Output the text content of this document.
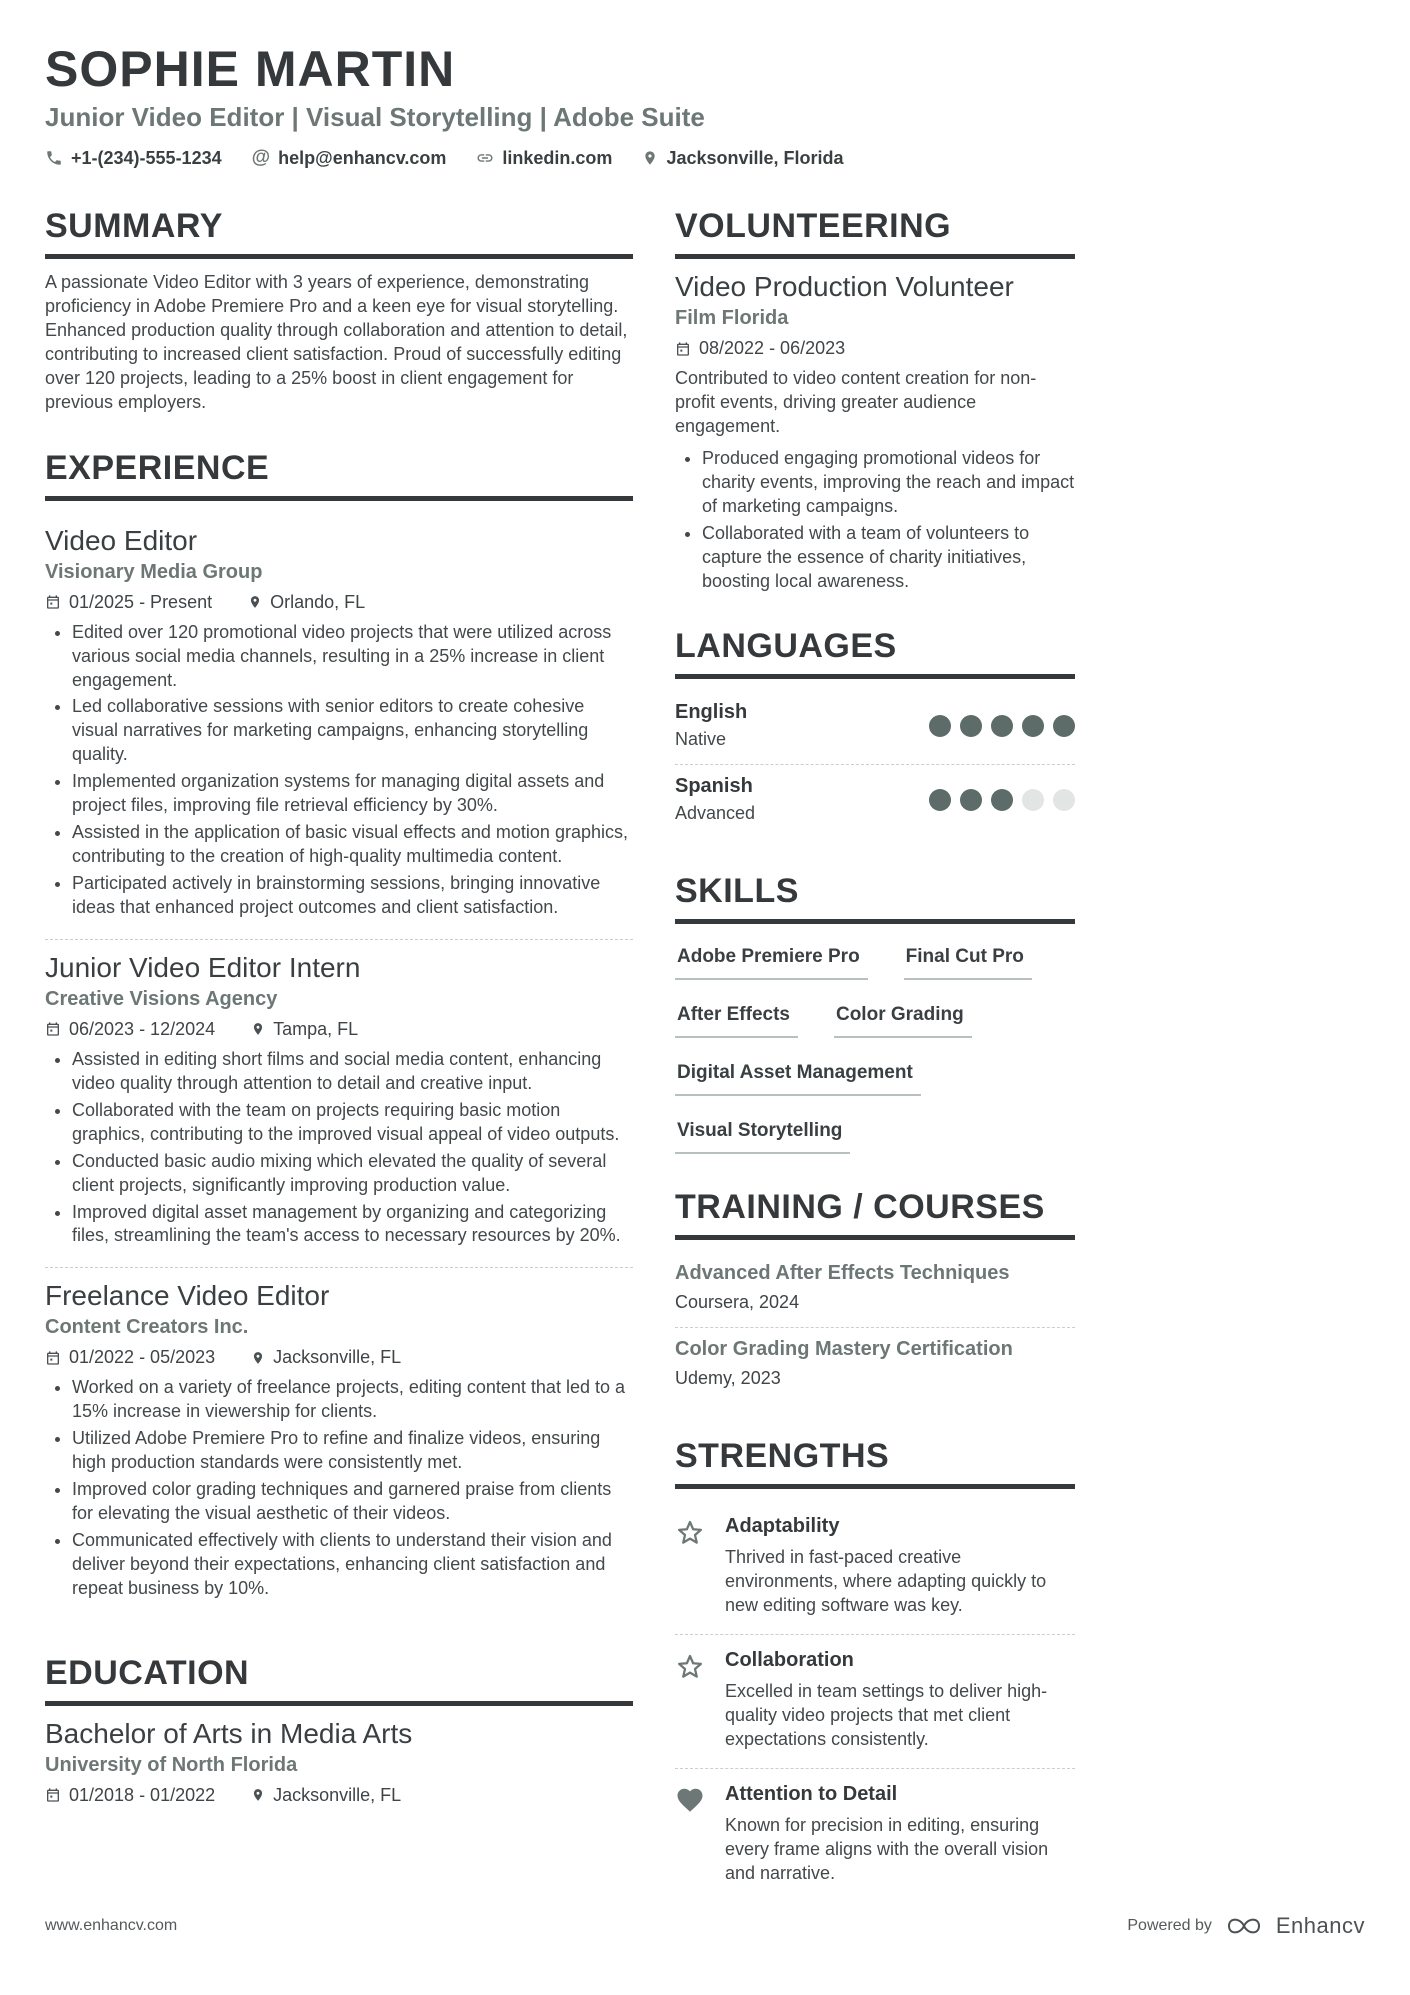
SOPHIE MARTIN
Junior Video Editor | Visual Storytelling | Adobe Suite
+1-(234)-555-1234 @ help@enhancv.com	linkedin.com	Jacksonville, Florida
SUMMARY

A passionate Video Editor with 3 years of experience, demonstrating proficiency in Adobe Premiere Pro and a keen eye for visual storytelling. Enhanced production quality through collaboration and attention to detail, contributing to increased client satisfaction. Proud of successfully editing over 120 projects, leading to a 25% boost in client engagement for previous employers.

EXPERIENCE
Video Editor
Visionary Media Group
01/2025 - Present	Orlando, FL
• Edited over 120 promotional video projects that were utilized across various social media channels, resulting in a 25% increase in client engagement.
• Led collaborative sessions with senior editors to create cohesive visual narratives for marketing campaigns, enhancing storytelling quality.
• Implemented organization systems for managing digital assets and project files, improving file retrieval efficiency by 30%.
• Assisted in the application of basic visual effects and motion graphics, contributing to the creation of high-quality multimedia content.
• Participated actively in brainstorming sessions, bringing innovative ideas that enhanced project outcomes and client satisfaction.
Junior Video Editor Intern
Creative Visions Agency
06/2023 - 12/2024	Tampa, FL
• Assisted in editing short films and social media content, enhancing video quality through attention to detail and creative input.
• Collaborated with the team on projects requiring basic motion graphics, contributing to the improved visual appeal of video outputs.
• Conducted basic audio mixing which elevated the quality of several client projects, significantly improving production value.
• Improved digital asset management by organizing and categorizing files, streamlining the team's access to necessary resources by 20%.
Freelance Video Editor
Content Creators Inc.
01/2022 - 05/2023	Jacksonville, FL
• Worked on a variety of freelance projects, editing content that led to a 15% increase in viewership for clients.
• Utilized Adobe Premiere Pro to refine and finalize videos, ensuring high production standards were consistently met.
• Improved color grading techniques and garnered praise from clients for elevating the visual aesthetic of their videos.
• Communicated effectively with clients to understand their vision and deliver beyond their expectations, enhancing client satisfaction and repeat business by 10%.
EDUCATION
Bachelor of Arts in Media Arts
University of North Florida
01/2018 - 01/2022	Jacksonville, FL
VOLUNTEERING
Video Production Volunteer
Film Florida
08/2022 - 06/2023

Contributed to video content creation for non-profit events, driving greater audience engagement.

• Produced engaging promotional videos for charity events, improving the reach and impact of marketing campaigns.
• Collaborated with a team of volunteers to capture the essence of charity initiatives, boosting local awareness.
LANGUAGES
English
Native
Spanish
Advanced
SKILLS
Adobe Premiere Pro	Final Cut Pro
After Effects	Color Grading
Digital Asset Management
Visual Storytelling
TRAINING / COURSES
Advanced After Effects Techniques
Coursera, 2024
Color Grading Mastery Certification
Udemy, 2023
STRENGTHS
Adaptability
Thrived in fast-paced creative environments, where adapting quickly to new editing software was key.
Collaboration
Excelled in team settings to deliver high-quality video projects that met client expectations consistently.
Attention to Detail
Known for precision in editing, ensuring every frame aligns with the overall vision and narrative.
www.enhancv.com	Powered by	Enhancv
